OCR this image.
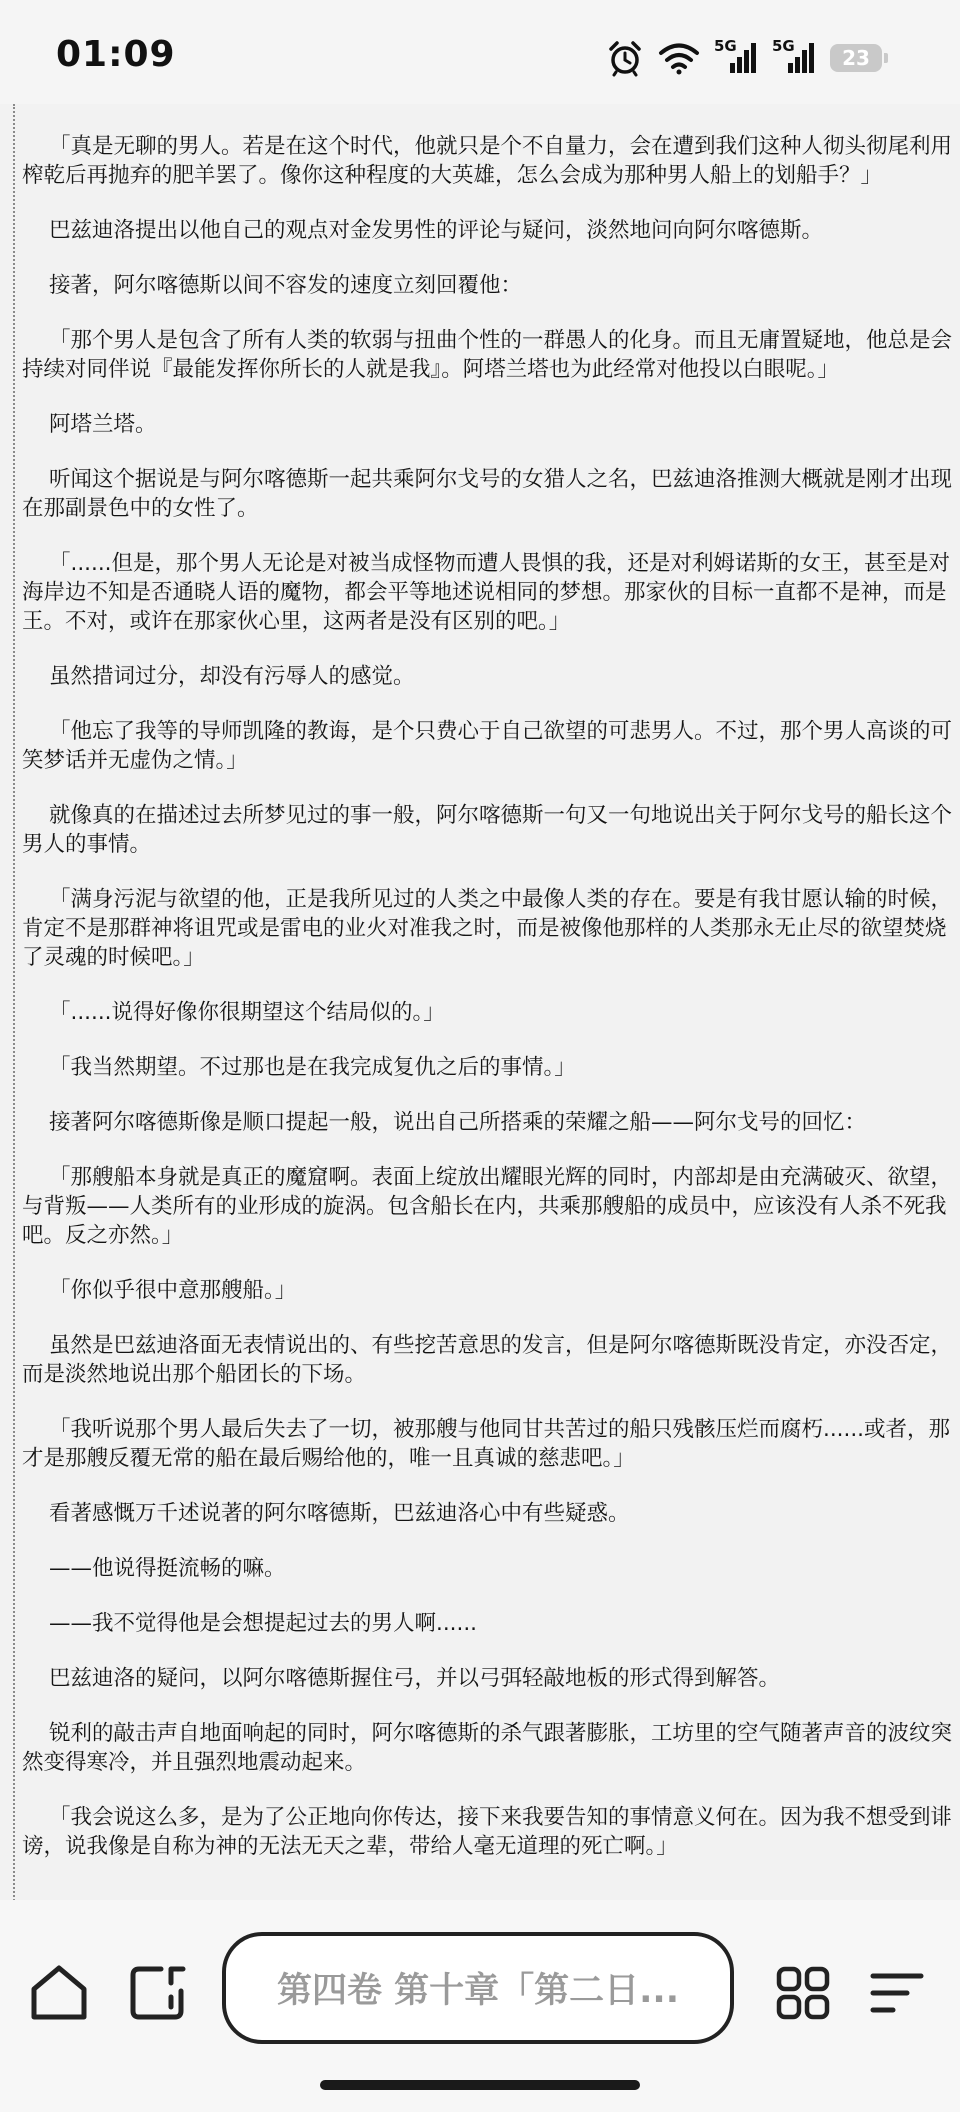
01:09	5G 5G 23

「真是无聊的男人。若是在这个时代，他就只是个不自量力，会在遭到我们这种人彻头彻尾利用榨乾后再抛弃的肥羊罢了。像你这种程度的大英雄，怎么会成为那种男人船上的划船手？」

巴兹迪洛提出以他自己的观点对金发男性的评论与疑问，淡然地问向阿尔喀德斯。

接著，阿尔喀德斯以间不容发的速度立刻回覆他：

「那个男人是包含了所有人类的软弱与扭曲个性的一群愚人的化身。而且无庸置疑地，他总是会持续对同伴说『最能发挥你所长的人就是我』。阿塔兰塔也为此经常对他投以白眼呢。」

阿塔兰塔。

听闻这个据说是与阿尔喀德斯一起共乘阿尔戈号的女猎人之名，巴兹迪洛推测大概就是刚才出现在那副景色中的女性了。

「......但是，那个男人无论是对被当成怪物而遭人畏惧的我，还是对利姆诺斯的女王，甚至是对海岸边不知是否通晓人语的魔物，都会平等地述说相同的梦想。那家伙的目标一直都不是神，而是王。不对，或许在那家伙心里，这两者是没有区别的吧。」

虽然措词过分，却没有污辱人的感觉。

「他忘了我等的导师凯隆的教诲，是个只费心于自己欲望的可悲男人。不过，那个男人高谈的可笑梦话并无虚伪之情。」

就像真的在描述过去所梦见过的事一般，阿尔喀德斯一句又一句地说出关于阿尔戈号的船长这个男人的事情。

「满身污泥与欲望的他，正是我所见过的人类之中最像人类的存在。要是有我甘愿认输的时候，肯定不是那群神将诅咒或是雷电的业火对准我之时，而是被像他那样的人类那永无止尽的欲望焚烧了灵魂的时候吧。」

「......说得好像你很期望这个结局似的。」

「我当然期望。不过那也是在我完成复仇之后的事情。」

接著阿尔喀德斯像是顺口提起一般，说出自己所搭乘的荣耀之船——阿尔戈号的回忆：

「那艘船本身就是真正的魔窟啊。表面上绽放出耀眼光辉的同时，内部却是由充满破灭、欲望，与背叛——人类所有的业形成的旋涡。包含船长在内，共乘那艘船的成员中，应该没有人杀不死我吧。反之亦然。」

「你似乎很中意那艘船。」

虽然是巴兹迪洛面无表情说出的、有些挖苦意思的发言，但是阿尔喀德斯既没肯定，亦没否定，而是淡然地说出那个船团长的下场。

「我听说那个男人最后失去了一切，被那艘与他同甘共苦过的船只残骸压烂而腐朽......或者，那才是那艘反覆无常的船在最后赐给他的，唯一且真诚的慈悲吧。」

看著感慨万千述说著的阿尔喀德斯，巴兹迪洛心中有些疑惑。

——他说得挺流畅的嘛。

——我不觉得他是会想提起过去的男人啊......

巴兹迪洛的疑问，以阿尔喀德斯握住弓，并以弓弭轻敲地板的形式得到解答。

锐利的敲击声自地面响起的同时，阿尔喀德斯的杀气跟著膨胀，工坊里的空气随著声音的波纹突然变得寒冷，并且强烈地震动起来。

「我会说这么多，是为了公正地向你传达，接下来我要告知的事情意义何在。因为我不想受到诽谤，说我像是自称为神的无法无天之辈，带给人毫无道理的死亡啊。」

第四卷 第十章「第二日...
